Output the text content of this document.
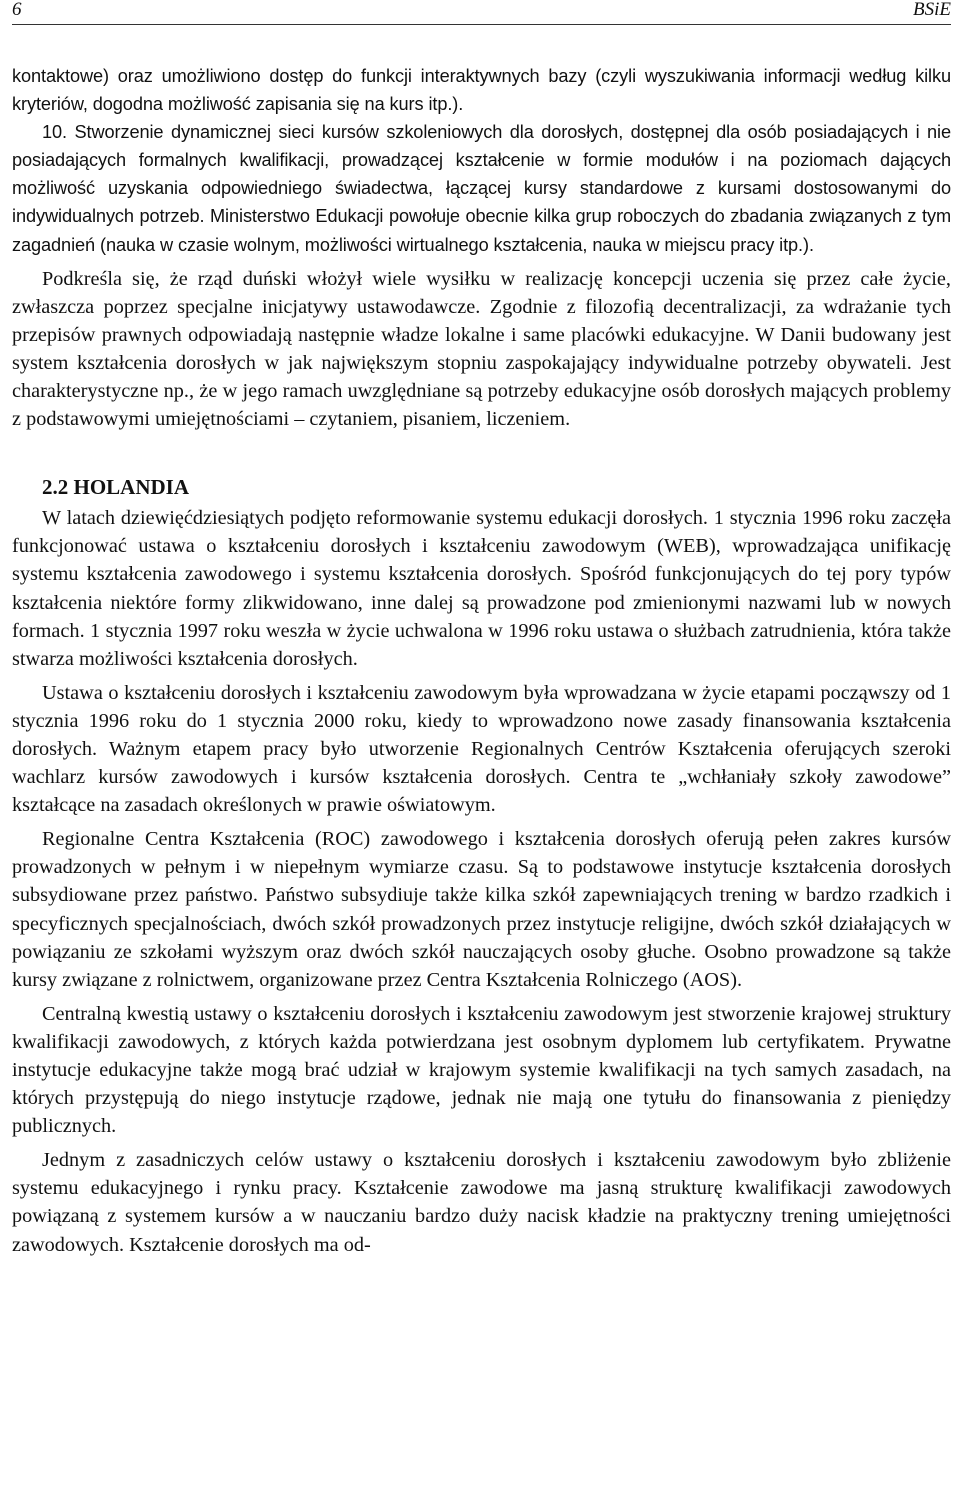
6	BSiE

kontaktowe) oraz umożliwiono dostęp do funkcji interaktywnych bazy (czyli wyszukiwania informacji według kilku kryteriów, dogodna możliwość zapisania się na kurs itp.).

10. Stworzenie dynamicznej sieci kursów szkoleniowych dla dorosłych, dostępnej dla osób posiadających i nie posiadających formalnych kwalifikacji, prowadzącej kształcenie w formie modułów i na poziomach dających możliwość uzyskania odpowiedniego świadectwa, łączącej kursy standardowe z kursami dostosowanymi do indywidualnych potrzeb. Ministerstwo Edukacji powołuje obecnie kilka grup roboczych do zbadania związanych z tym zagadnień (nauka w czasie wolnym, możliwości wirtualnego kształcenia, nauka w miejscu pracy itp.).

Podkreśla się, że rząd duński włożył wiele wysiłku w realizację koncepcji uczenia się przez całe życie, zwłaszcza poprzez specjalne inicjatywy ustawodawcze. Zgodnie z filozofią decentralizacji, za wdrażanie tych przepisów prawnych odpowiadają następnie władze lokalne i same placówki edukacyjne. W Danii budowany jest system kształcenia dorosłych w jak największym stopniu zaspokajający indywidualne potrzeby obywateli. Jest charakterystyczne np., że w jego ramach uwzględniane są potrzeby edukacyjne osób dorosłych mających problemy z podstawowymi umiejętnościami – czytaniem, pisaniem, liczeniem.

2.2 HOLANDIA

W latach dziewięćdziesiątych podjęto reformowanie systemu edukacji dorosłych. 1 stycznia 1996 roku zaczęła funkcjonować ustawa o kształceniu dorosłych i kształceniu zawodowym (WEB), wprowadzająca unifikację systemu kształcenia zawodowego i systemu kształcenia dorosłych. Spośród funkcjonujących do tej pory typów kształcenia niektóre formy zlikwidowano, inne dalej są prowadzone pod zmienionymi nazwami lub w nowych formach. 1 stycznia 1997 roku weszła w życie uchwalona w 1996 roku ustawa o służbach zatrudnienia, która także stwarza możliwości kształcenia dorosłych.

Ustawa o kształceniu dorosłych i kształceniu zawodowym była wprowadzana w życie etapami począwszy od 1 stycznia 1996 roku do 1 stycznia 2000 roku, kiedy to wprowadzono nowe zasady finansowania kształcenia dorosłych. Ważnym etapem pracy było utworzenie Regionalnych Centrów Kształcenia oferujących szeroki wachlarz kursów zawodowych i kursów kształcenia dorosłych. Centra te „wchłaniały szkoły zawodowe” kształcące na zasadach określonych w prawie oświatowym.

Regionalne Centra Kształcenia (ROC) zawodowego i kształcenia dorosłych oferują pełen zakres kursów prowadzonych w pełnym i w niepełnym wymiarze czasu. Są to podstawowe instytucje kształcenia dorosłych subsydiowane przez państwo. Państwo subsydiuje także kilka szkół zapewniających trening w bardzo rzadkich i specyficznych specjalnościach, dwóch szkół prowadzonych przez instytucje religijne, dwóch szkół działających w powiązaniu ze szkołami wyższym oraz dwóch szkół nauczających osoby głuche. Osobno prowadzone są także kursy związane z rolnictwem, organizowane przez Centra Kształcenia Rolniczego (AOS).

Centralną kwestią ustawy o kształceniu dorosłych i kształceniu zawodowym jest stworzenie krajowej struktury kwalifikacji zawodowych, z których każda potwierdzana jest osobnym dyplomem lub certyfikatem. Prywatne instytucje edukacyjne także mogą brać udział w krajowym systemie kwalifikacji na tych samych zasadach, na których przystępują do niego instytucje rządowe, jednak nie mają one tytułu do finansowania z pieniędzy publicznych.

Jednym z zasadniczych celów ustawy o kształceniu dorosłych i kształceniu zawodowym było zbliżenie systemu edukacyjnego i rynku pracy. Kształcenie zawodowe ma jasną strukturę kwalifikacji zawodowych powiązaną z systemem kursów a w nauczaniu bardzo duży nacisk kładzie na praktyczny trening umiejętności zawodowych. Kształcenie dorosłych ma od-
